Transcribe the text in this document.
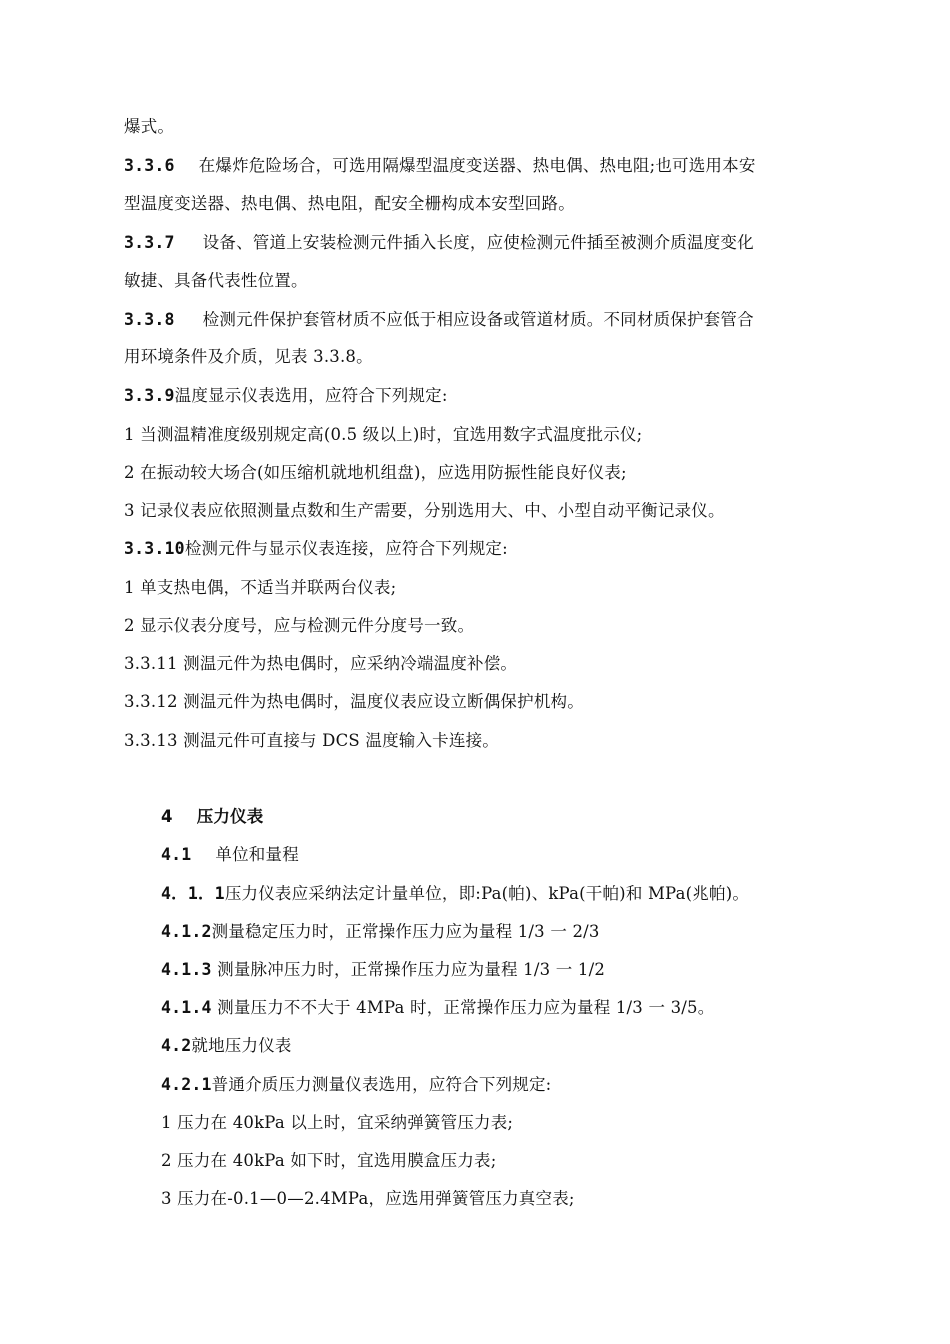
爆式。
3.3.6 在爆炸危险场合，可选用隔爆型温度变送器、热电偶、热电阻;也可选用本安
型温度变送器、热电偶、热电阻，配安全栅构成本安型回路。
3.3.7 设备、管道上安装检测元件插入长度，应使检测元件插至被测介质温度变化
敏捷、具备代表性位置。
3.3.8 检测元件保护套管材质不应低于相应设备或管道材质。不同材质保护套管合
用环境条件及介质，见表 3.3.8。
3.3.9温度显示仪表选用，应符合下列规定:
1 当测温精准度级别规定高(0.5 级以上)时，宜选用数字式温度批示仪;
2 在振动较大场合(如压缩机就地机组盘)，应选用防振性能良好仪表;
3 记录仪表应依照测量点数和生产需要，分别选用大、中、小型自动平衡记录仪。
3.3.10检测元件与显示仪表连接，应符合下列规定:
1 单支热电偶，不适当并联两台仪表;
2 显示仪表分度号，应与检测元件分度号一致。
3.3.11 测温元件为热电偶时，应采纳冷端温度补偿。
3.3.12 测温元件为热电偶时，温度仪表应设立断偶保护机构。
3.3.13 测温元件可直接与 DCS 温度输入卡连接。
4 压力仪表
4.1 单位和量程
4．1．1压力仪表应采纳法定计量单位，即:Pa(帕)、kPa(干帕)和 MPa(兆帕)。
4.1.2测量稳定压力时，正常操作压力应为量程 1/3 一 2/3
4.1.3 测量脉冲压力时，正常操作压力应为量程 1/3 一 1/2
4.1.4 测量压力不不大于 4MPa 时，正常操作压力应为量程 1/3 一 3/5。
4.2就地压力仪表
4.2.1普通介质压力测量仪表选用，应符合下列规定:
1 压力在 40kPa 以上时，宜采纳弹簧管压力表;
2 压力在 40kPa 如下时，宜选用膜盒压力表;
3 压力在-0.1—0—2.4MPa，应选用弹簧管压力真空表;
